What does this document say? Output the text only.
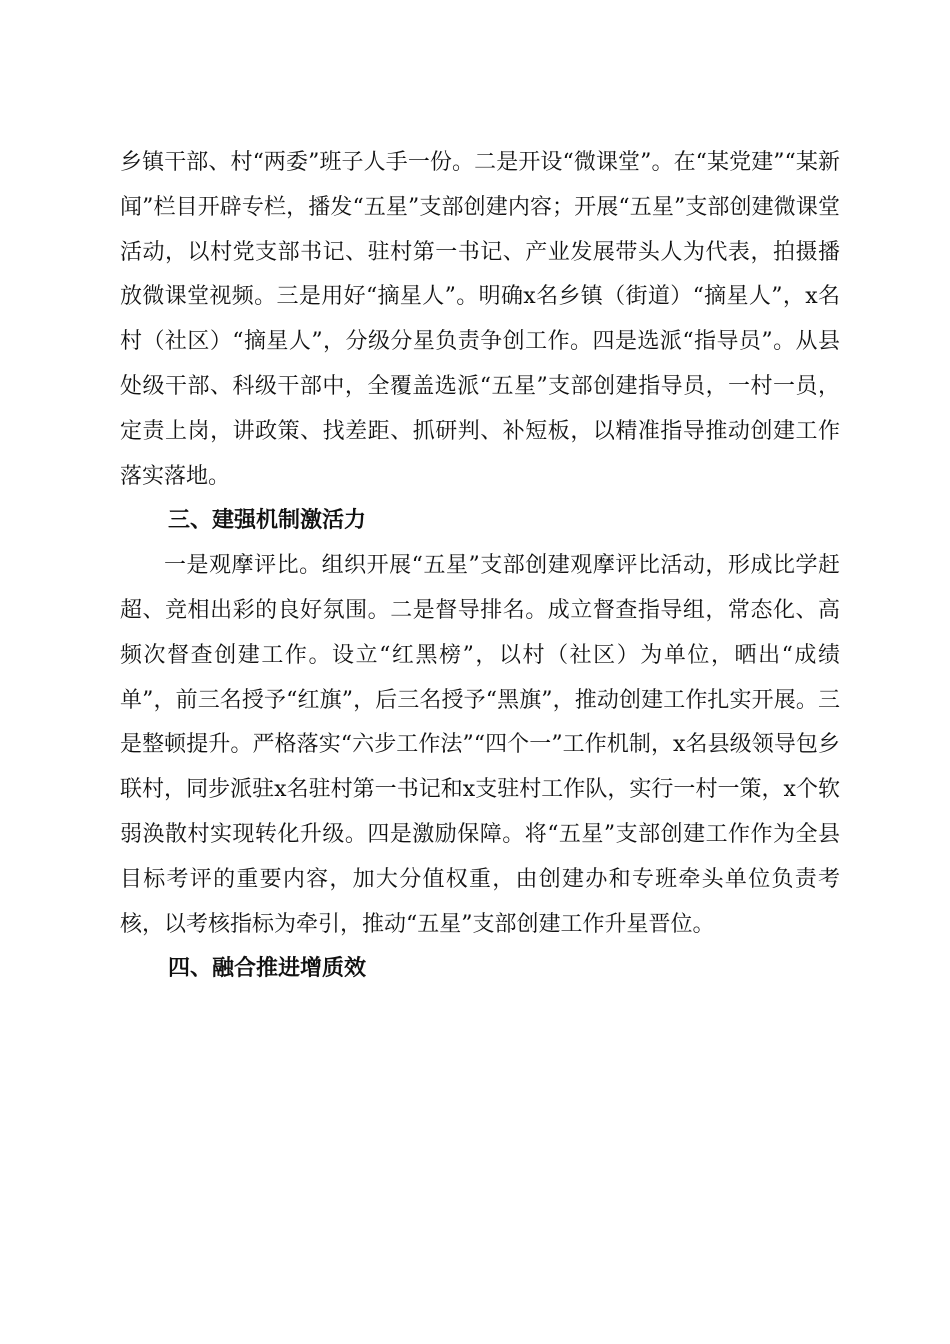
乡镇干部、村“两委”班子人手一份。二是开设“微课堂”。在“某党建”“某新闻”栏目开辟专栏，播发“五星”支部创建内容；开展“五星”支部创建微课堂活动，以村党支部书记、驻村第一书记、产业发展带头人为代表，拍摄播放微课堂视频。三是用好“摘星人”。明确x名乡镇（街道）“摘星人”，x名村（社区）“摘星人”，分级分星负责争创工作。四是选派“指导员”。从县处级干部、科级干部中，全覆盖选派“五星”支部创建指导员，一村一员，定责上岗，讲政策、找差距、抓研判、补短板，以精准指导推动创建工作落实落地。

三、建强机制激活力

一是观摩评比。组织开展“五星”支部创建观摩评比活动，形成比学赶超、竞相出彩的良好氛围。二是督导排名。成立督查指导组，常态化、高频次督查创建工作。设立“红黑榜”，以村（社区）为单位，晒出“成绩单”，前三名授予“红旗”，后三名授予“黑旗”，推动创建工作扎实开展。三是整顿提升。严格落实“六步工作法”“四个一”工作机制，x名县级领导包乡联村，同步派驻x名驻村第一书记和x支驻村工作队，实行一村一策，x个软弱涣散村实现转化升级。四是激励保障。将“五星”支部创建工作作为全县目标考评的重要内容，加大分值权重，由创建办和专班牵头单位负责考核，以考核指标为牵引，推动“五星”支部创建工作升星晋位。

四、融合推进增质效
